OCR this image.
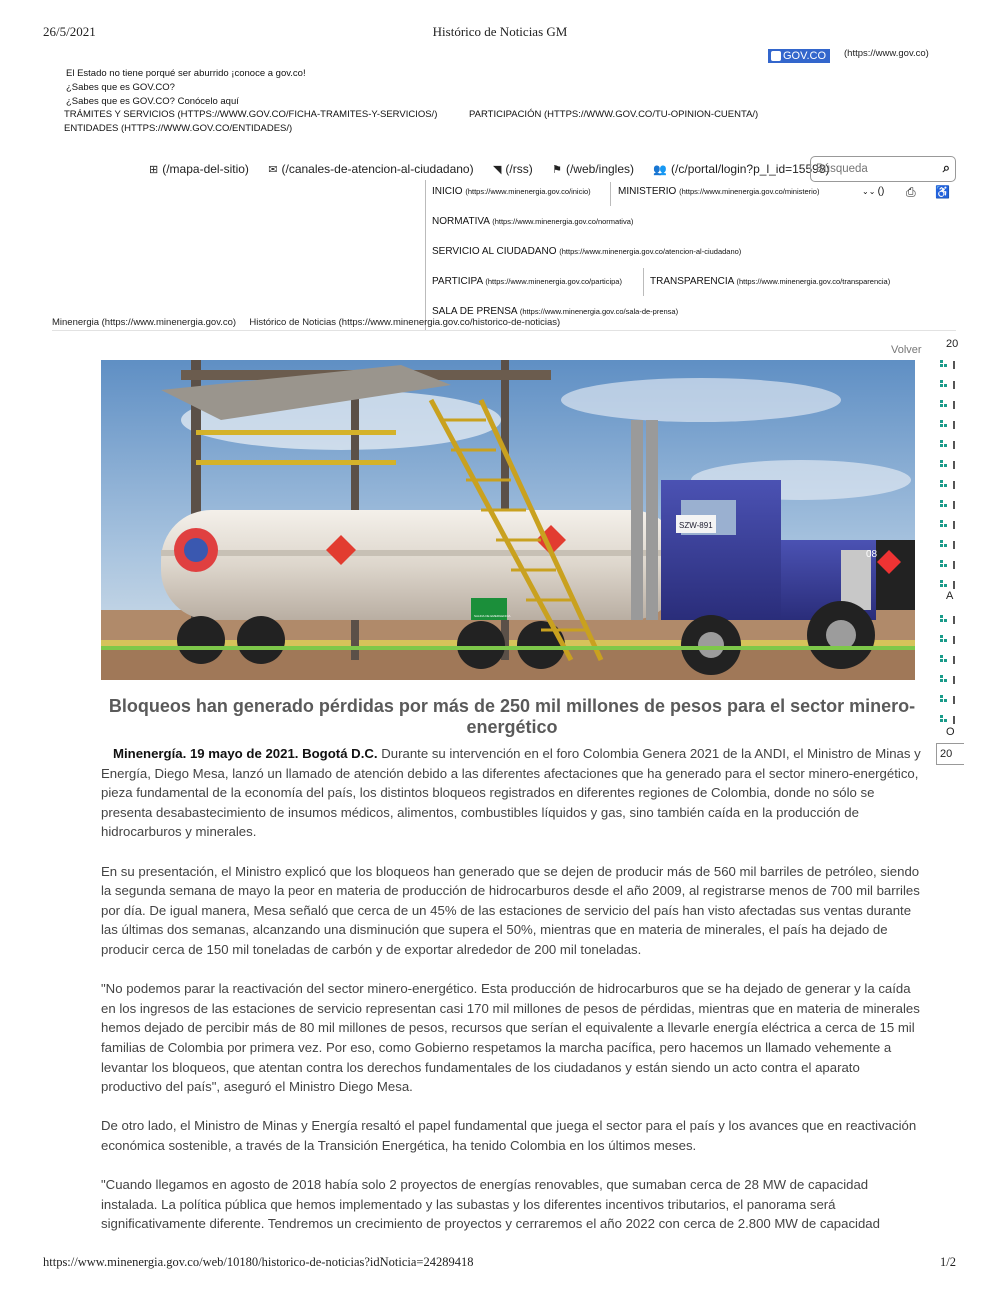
26/5/2021	Histórico de Noticias GM
GOV.CO	(https://www.gov.co)
El Estado no tiene porqué ser aburrido ¡conoce a gov.co!
¿Sabes que es GOV.CO?
¿Sabes que es GOV.CO? Conócelo aquí
TRÁMITES Y SERVICIOS (HTTPS://WWW.GOV.CO/FICHA-TRAMITES-Y-SERVICIOS/)	PARTICIPACIÓN (HTTPS://WWW.GOV.CO/TU-OPINION-CUENTA/)
ENTIDADES (HTTPS://WWW.GOV.CO/ENTIDADES/)
⊞ (/mapa-del-sitio) ✉ (/canales-de-atencion-al-ciudadano) ◥ (/rss) ⚑ (/web/ingles) 👥 (/c/portal/login?p_l_id=15598)
Búsqueda	⌕
INICIO (https://www.minenergia.gov.co/inicio)	MINISTERIO (https://www.minenergia.gov.co/ministerio)	⌄⌄ () ⎙ ♿
NORMATIVA (https://www.minenergia.gov.co/normativa)
SERVICIO AL CIUDADANO (https://www.minenergia.gov.co/atencion-al-ciudadano)
PARTICIPA (https://www.minenergia.gov.co/participa)	TRANSPARENCIA (https://www.minenergia.gov.co/transparencia)
SALA DE PRENSA (https://www.minenergia.gov.co/sala-de-prensa)
Minenergia (https://www.minenergia.gov.co) Histórico de Noticias (https://www.minenergia.gov.co/historico-de-noticias)
Volver
SZW-891
08
SALIDA DE EMERGENCIA
Bloqueos han generado pérdidas por más de 250 mil millones de pesos para el sector minero-energético

Minenergía. 19 mayo de 2021. Bogotá D.C. Durante su intervención en el foro Colombia Genera 2021 de la ANDI, el Ministro de Minas y Energía, Diego Mesa, lanzó un llamado de atención debido a las diferentes afectaciones que ha generado para el sector minero-energético, pieza fundamental de la economía del país, los distintos bloqueos registrados en diferentes regiones de Colombia, donde no sólo se presenta desabastecimiento de insumos médicos, alimentos, combustibles líquidos y gas, sino también caída en la producción de hidrocarburos y minerales.

En su presentación, el Ministro explicó que los bloqueos han generado que se dejen de producir más de 560 mil barriles de petróleo, siendo la segunda semana de mayo la peor en materia de producción de hidrocarburos desde el año 2009, al registrarse menos de 700 mil barriles por día. De igual manera, Mesa señaló que cerca de un 45% de las estaciones de servicio del país han visto afectadas sus ventas durante las últimas dos semanas, alcanzando una disminución que supera el 50%, mientras que en materia de minerales, el país ha dejado de producir cerca de 150 mil toneladas de carbón y de exportar alrededor de 200 mil toneladas.

"No podemos parar la reactivación del sector minero-energético. Esta producción de hidrocarburos que se ha dejado de generar y la caída en los ingresos de las estaciones de servicio representan casi 170 mil millones de pesos de pérdidas, mientras que en materia de minerales hemos dejado de percibir más de 80 mil millones de pesos, recursos que serían el equivalente a llevarle energía eléctrica a cerca de 15 mil familias de Colombia por primera vez. Por eso, como Gobierno respetamos la marcha pacífica, pero hacemos un llamado vehemente a levantar los bloqueos, que atentan contra los derechos fundamentales de los ciudadanos y están siendo un acto contra el aparato productivo del país", aseguró el Ministro Diego Mesa.

De otro lado, el Ministro de Minas y Energía resaltó el papel fundamental que juega el sector para el país y los avances que en reactivación económica sostenible, a través de la Transición Energética, ha tenido Colombia en los últimos meses.

"Cuando llegamos en agosto de 2018 había solo 2 proyectos de energías renovables, que sumaban cerca de 28 MW de capacidad instalada. La política pública que hemos implementado y las subastas y los diferentes incentivos tributarios, el panorama será significativamente diferente. Tendremos un crecimiento de proyectos y cerraremos el año 2022 con cerca de 2.800 MW de capacidad

20
A
O
20
https://www.minenergia.gov.co/web/10180/historico-de-noticias?idNoticia=24289418	1/2
